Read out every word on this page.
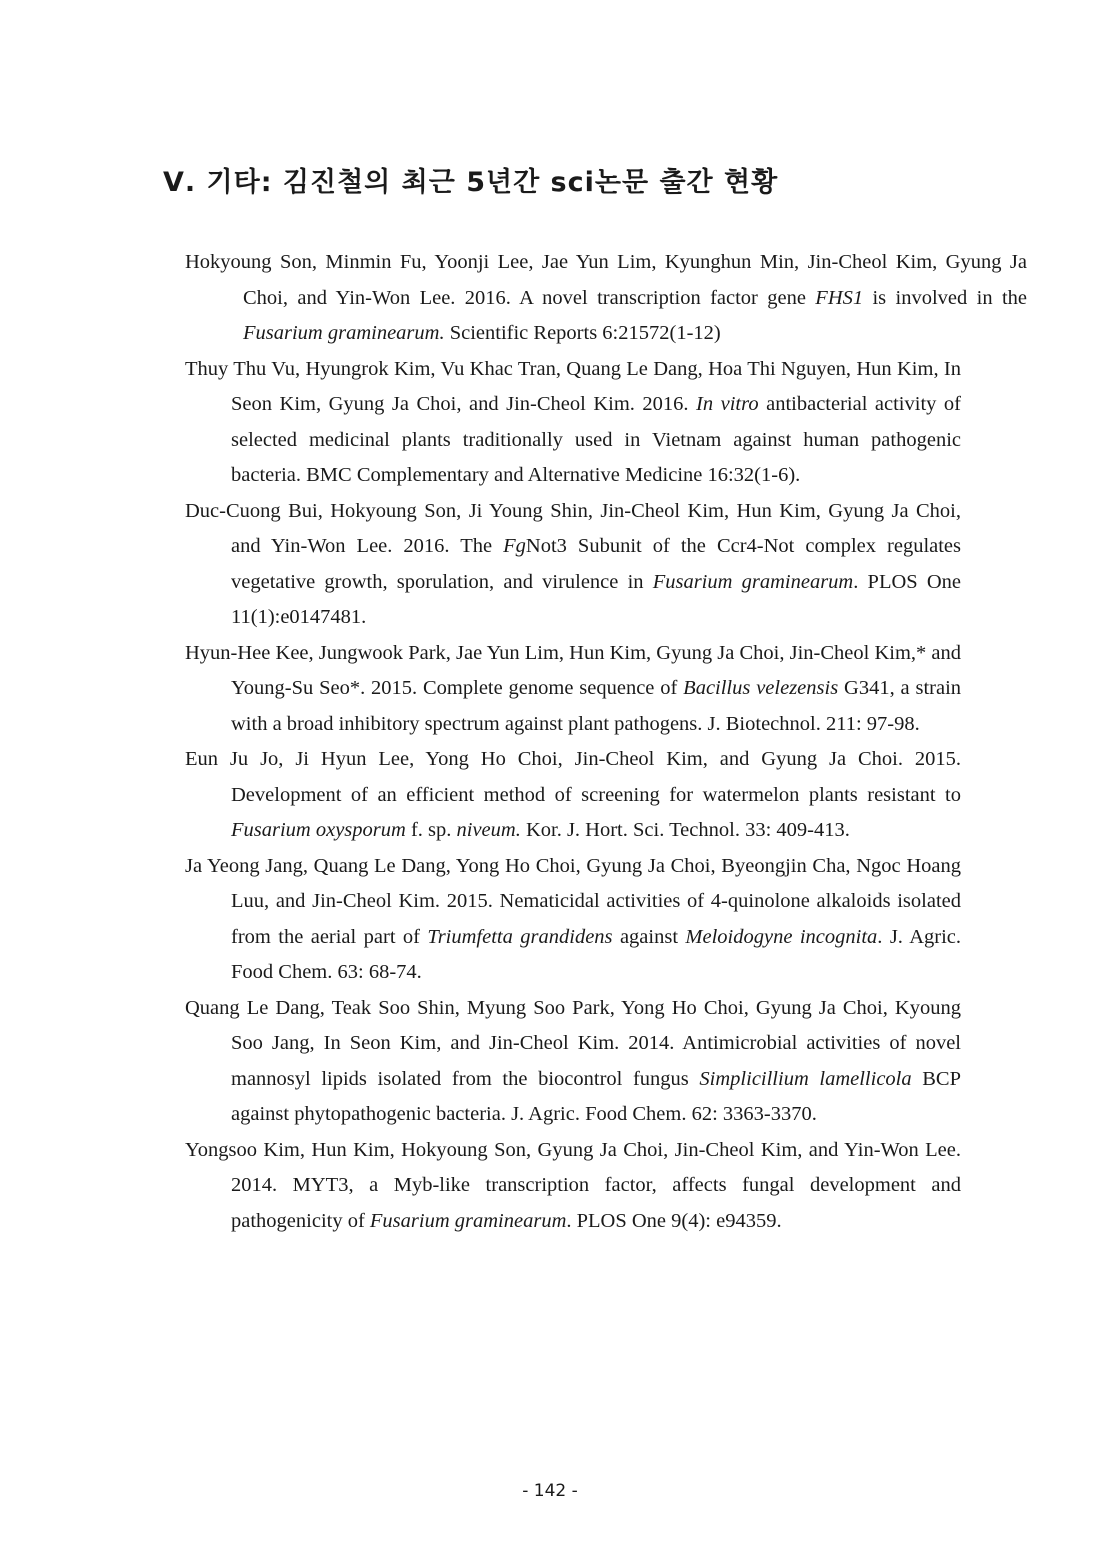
Ⅴ. 기타: 김진철의 최근 5년간 sci논문 출간 현황
Hokyoung Son, Minmin Fu, Yoonji Lee, Jae Yun Lim, Kyunghun Min, Jin-Cheol Kim, Gyung Ja Choi, and Yin-Won Lee. 2016. A novel transcription factor gene FHS1 is involved in the Fusarium graminearum. Scientific Reports 6:21572(1-12)
Thuy Thu Vu, Hyungrok Kim, Vu Khac Tran, Quang Le Dang, Hoa Thi Nguyen, Hun Kim, In Seon Kim, Gyung Ja Choi, and Jin-Cheol Kim. 2016. In vitro antibacterial activity of selected medicinal plants traditionally used in Vietnam against human pathogenic bacteria. BMC Complementary and Alternative Medicine 16:32(1-6).
Duc-Cuong Bui, Hokyoung Son, Ji Young Shin, Jin-Cheol Kim, Hun Kim, Gyung Ja Choi, and Yin-Won Lee. 2016. The FgNot3 Subunit of the Ccr4-Not complex regulates vegetative growth, sporulation, and virulence in Fusarium graminearum. PLOS One 11(1):e0147481.
Hyun-Hee Kee, Jungwook Park, Jae Yun Lim, Hun Kim, Gyung Ja Choi, Jin-Cheol Kim,* and Young-Su Seo*. 2015. Complete genome sequence of Bacillus velezensis G341, a strain with a broad inhibitory spectrum against plant pathogens. J. Biotechnol. 211: 97-98.
Eun Ju Jo, Ji Hyun Lee, Yong Ho Choi, Jin-Cheol Kim, and Gyung Ja Choi. 2015. Development of an efficient method of screening for watermelon plants resistant to Fusarium oxysporum f. sp. niveum. Kor. J. Hort. Sci. Technol. 33: 409-413.
Ja Yeong Jang, Quang Le Dang, Yong Ho Choi, Gyung Ja Choi, Byeongjin Cha, Ngoc Hoang Luu, and Jin-Cheol Kim. 2015. Nematicidal activities of 4-quinolone alkaloids isolated from the aerial part of Triumfetta grandidens against Meloidogyne incognita. J. Agric. Food Chem. 63: 68-74.
Quang Le Dang, Teak Soo Shin, Myung Soo Park, Yong Ho Choi, Gyung Ja Choi, Kyoung Soo Jang, In Seon Kim, and Jin-Cheol Kim. 2014. Antimicrobial activities of novel mannosyl lipids isolated from the biocontrol fungus Simplicillium lamellicola BCP against phytopathogenic bacteria. J. Agric. Food Chem. 62: 3363-3370.
Yongsoo Kim, Hun Kim, Hokyoung Son, Gyung Ja Choi, Jin-Cheol Kim, and Yin-Won Lee. 2014. MYT3, a Myb-like transcription factor, affects fungal development and pathogenicity of Fusarium graminearum. PLOS One 9(4): e94359.

- 142 -
